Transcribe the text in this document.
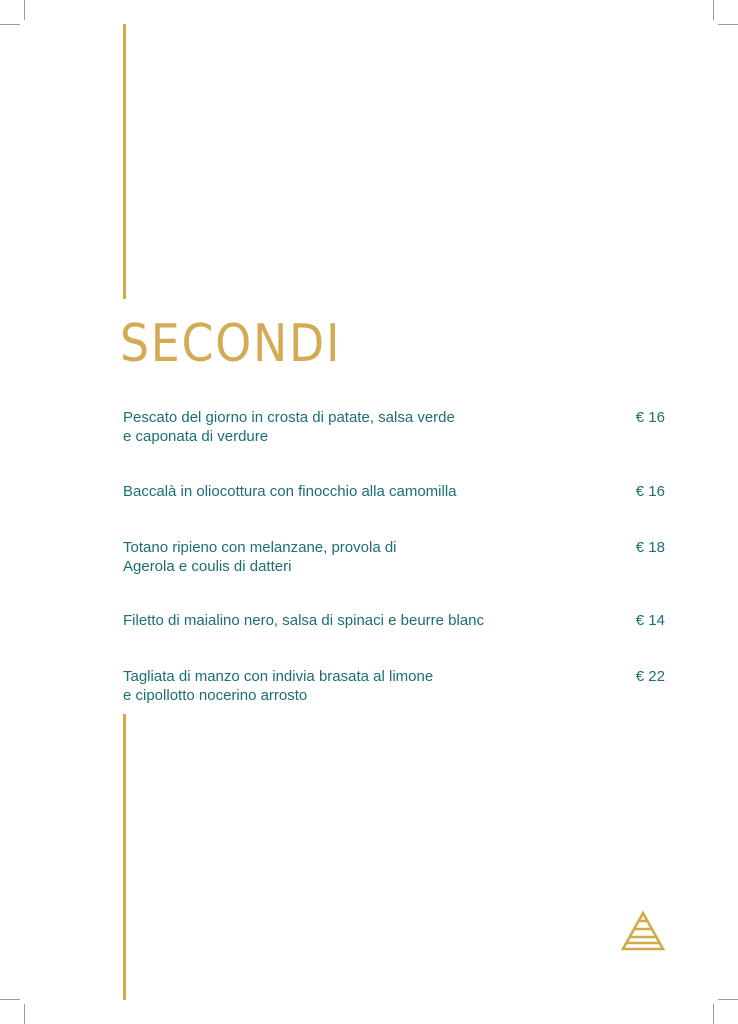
SECONDI
Pescato del giorno in crosta di patate, salsa verde
e caponata di verdure
€ 16
Baccalà in oliocottura con finocchio alla camomilla	€ 16
Totano ripieno con melanzane, provola di
Agerola e coulis di datteri
€ 18
Filetto di maialino nero, salsa di spinaci e beurre blanc	€ 14
Tagliata di manzo con indivia brasata al limone
e cipollotto nocerino arrosto
€ 22
